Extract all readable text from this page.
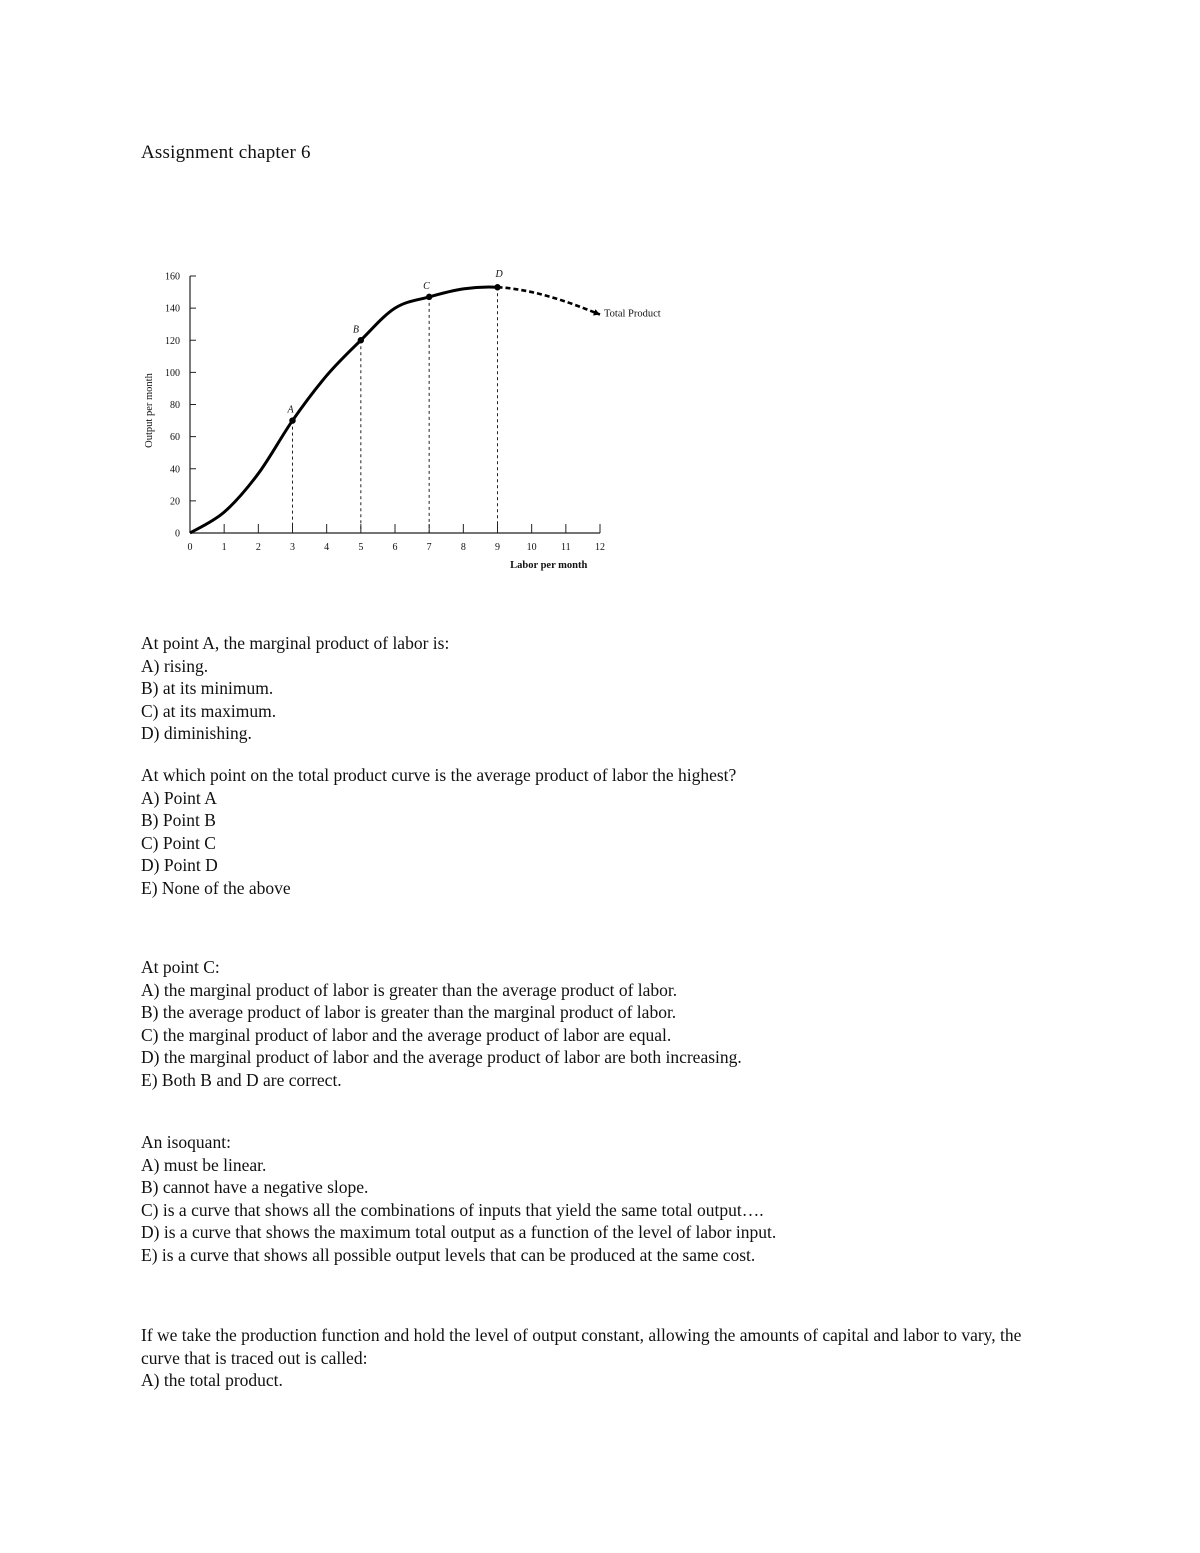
Assignment chapter 6
0
20
40
60
80
100
120
140
160
0	1	2	3	4	5	6	7	8	9	10 11 12
A
B
C
D
Output per month
Labor per month
Total Product
At point A, the marginal product of labor is:
A) rising.
B) at its minimum.
C) at its maximum.
D) diminishing.
At which point on the total product curve is the average product of labor the highest?
A) Point A
B) Point B
C) Point C
D) Point D
E) None of the above
At point C:
A) the marginal product of labor is greater than the average product of labor.
B) the average product of labor is greater than the marginal product of labor.
C) the marginal product of labor and the average product of labor are equal.
D) the marginal product of labor and the average product of labor are both increasing.
E) Both B and D are correct.
An isoquant:
A) must be linear.
B) cannot have a negative slope.
C) is a curve that shows all the combinations of inputs that yield the same total output….
D) is a curve that shows the maximum total output as a function of the level of labor input.
E) is a curve that shows all possible output levels that can be produced at the same cost.
If we take the production function and hold the level of output constant, allowing the amounts of capital and labor to vary, the curve that is traced out is called:
A) the total product.
